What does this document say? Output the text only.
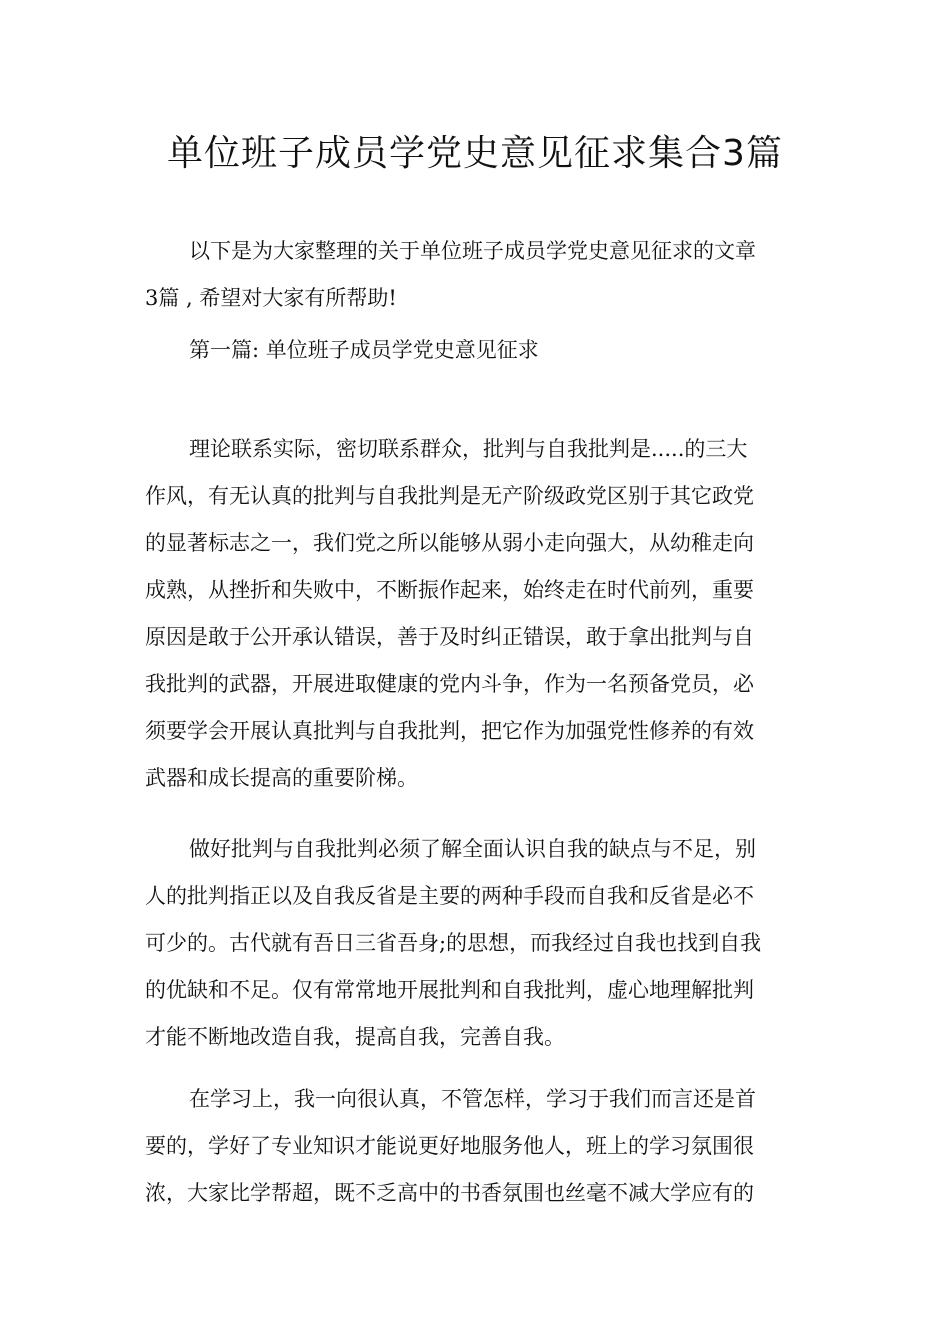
单位班子成员学党史意见征求集合3篇

以下是为大家整理的关于单位班子成员学党史意见征求的文章
3篇 , 希望对大家有所帮助!

第一篇: 单位班子成员学党史意见征求

理论联系实际，密切联系群众，批判与自我批判是.....的三大
作风，有无认真的批判与自我批判是无产阶级政党区别于其它政党
的显著标志之一，我们党之所以能够从弱小走向强大，从幼稚走向
成熟，从挫折和失败中，不断振作起来，始终走在时代前列，重要
原因是敢于公开承认错误，善于及时纠正错误，敢于拿出批判与自
我批判的武器，开展进取健康的党内斗争，作为一名预备党员，必
须要学会开展认真批判与自我批判，把它作为加强党性修养的有效
武器和成长提高的重要阶梯。

做好批判与自我批判必须了解全面认识自我的缺点与不足，别
人的批判指正以及自我反省是主要的两种手段而自我和反省是必不
可少的。古代就有吾日三省吾身;的思想，而我经过自我也找到自我
的优缺和不足。仅有常常地开展批判和自我批判，虚心地理解批判
才能不断地改造自我，提高自我，完善自我。

在学习上，我一向很认真，不管怎样，学习于我们而言还是首
要的，学好了专业知识才能说更好地服务他人，班上的学习氛围很
浓，大家比学帮超，既不乏高中的书香氛围也丝毫不减大学应有的
